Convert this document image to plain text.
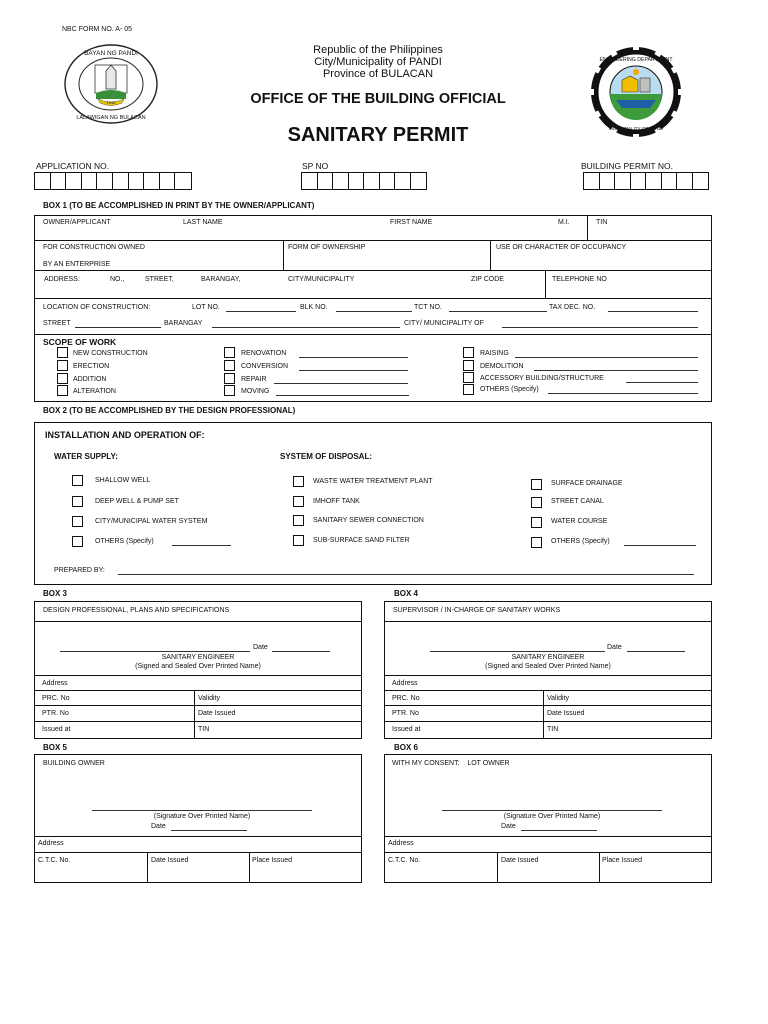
NBC FORM NO. A- 05
1946
BAYAN NG PANDI
LALAWIGAN NG BULACAN
Republic of the Philippines
City/Municipality of PANDI
Province of BULACAN
OFFICE OF THE BUILDING OFFICIAL
SANITARY PERMIT
ENGINEERING DEPARTMENT
MUNICIPALITY OF PANDI
APPLICATION NO.	SP NO	BUILDING PERMIT NO.
BOX 1 (TO BE ACCOMPLISHED IN PRINT BY THE OWNER/APPLICANT)
OWNER/APPLICANT	LAST NAME	FIRST NAME	M.I.	TIN
FOR CONSTRUCTION OWNED
BY AN ENTERPRISE
FORM OF OWNERSHIP	USE OR CHARACTER OF OCCUPANCY
ADDRESS:	NO.,	STREET,	BARANGAY,	CITY/MUNICIPALITY	ZIP CODE	TELEPHONE NO
LOCATION OF CONSTRUCTION:	LOT NO.	BLK NO.	TCT NO.	TAX DEC. NO.
STREET	BARANGAY	CITY/ MUNICIPALITY OF
SCOPE OF WORK
NEW CONSTRUCTION
ERECTION
ADDITION
ALTERATION
RENOVATION
CONVERSION
REPAIR
MOVING
RAISING
DEMOLITION
ACCESSORY BUILDING/STRUCTURE
OTHERS (Specify)
BOX 2 (TO BE ACCOMPLISHED BY THE DESIGN PROFESSIONAL)
INSTALLATION AND OPERATION OF:
WATER SUPPLY:	SYSTEM OF DISPOSAL:
SHALLOW WELL
DEEP WELL & PUMP SET
CITY/MUNICIPAL WATER SYSTEM
OTHERS (Specify)
WASTE WATER TREATMENT PLANT
IMHOFF TANK
SANITARY SEWER CONNECTION
SUB-SURFACE SAND FILTER
SURFACE DRAINAGE
STREET CANAL
WATER COURSE
OTHERS (Specify)
PREPARED BY:
BOX 3
DESIGN PROFESSIONAL, PLANS AND SPECIFICATIONS
Date
SANITARY ENGINEER
(Signed and Sealed Over Printed Name)
Address
PRC. No	Validity
PTR. No	Date Issued
Issued at	TIN
BOX 4
SUPERVISOR / IN-CHARGE OF SANITARY WORKS
Date
SANITARY ENGINEER
(Signed and Sealed Over Printed Name)
Address
PRC. No	Validity
PTR. No	Date Issued
Issued at	TIN
BOX 5
BUILDING OWNER
(Signature Over Printed Name)
Date
Address
C.T.C. No.	Date Issued	Place Issued
BOX 6
WITH MY CONSENT:    LOT OWNER
(Signature Over Printed Name)
Date
Address
C.T.C. No.	Date Issued	Place Issued
